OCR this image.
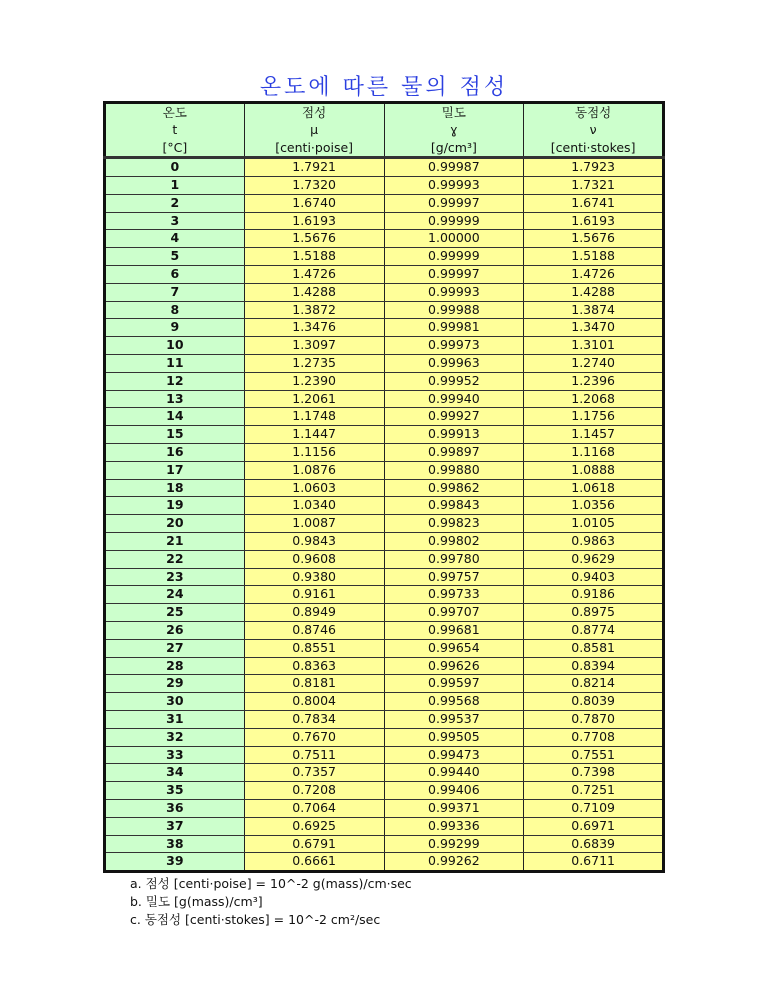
온도에 따른 물의 점성
온도	점성	밀도	동점성
t	μ	ɣ	ν
[°C]	[centi·poise]	[g/cm³]	[centi·stokes]
0	1.7921	0.99987	1.7923
1	1.7320	0.99993	1.7321
2	1.6740	0.99997	1.6741
3	1.6193	0.99999	1.6193
4	1.5676	1.00000	1.5676
5	1.5188	0.99999	1.5188
6	1.4726	0.99997	1.4726
7	1.4288	0.99993	1.4288
8	1.3872	0.99988	1.3874
9	1.3476	0.99981	1.3470
10	1.3097	0.99973	1.3101
11	1.2735	0.99963	1.2740
12	1.2390	0.99952	1.2396
13	1.2061	0.99940	1.2068
14	1.1748	0.99927	1.1756
15	1.1447	0.99913	1.1457
16	1.1156	0.99897	1.1168
17	1.0876	0.99880	1.0888
18	1.0603	0.99862	1.0618
19	1.0340	0.99843	1.0356
20	1.0087	0.99823	1.0105
21	0.9843	0.99802	0.9863
22	0.9608	0.99780	0.9629
23	0.9380	0.99757	0.9403
24	0.9161	0.99733	0.9186
25	0.8949	0.99707	0.8975
26	0.8746	0.99681	0.8774
27	0.8551	0.99654	0.8581
28	0.8363	0.99626	0.8394
29	0.8181	0.99597	0.8214
30	0.8004	0.99568	0.8039
31	0.7834	0.99537	0.7870
32	0.7670	0.99505	0.7708
33	0.7511	0.99473	0.7551
34	0.7357	0.99440	0.7398
35	0.7208	0.99406	0.7251
36	0.7064	0.99371	0.7109
37	0.6925	0.99336	0.6971
38	0.6791	0.99299	0.6839
39	0.6661	0.99262	0.6711
a. 점성 [centi·poise] = 10^-2 g(mass)/cm·sec
b. 밀도 [g(mass)/cm³]
c. 동점성 [centi·stokes] = 10^-2 cm²/sec
